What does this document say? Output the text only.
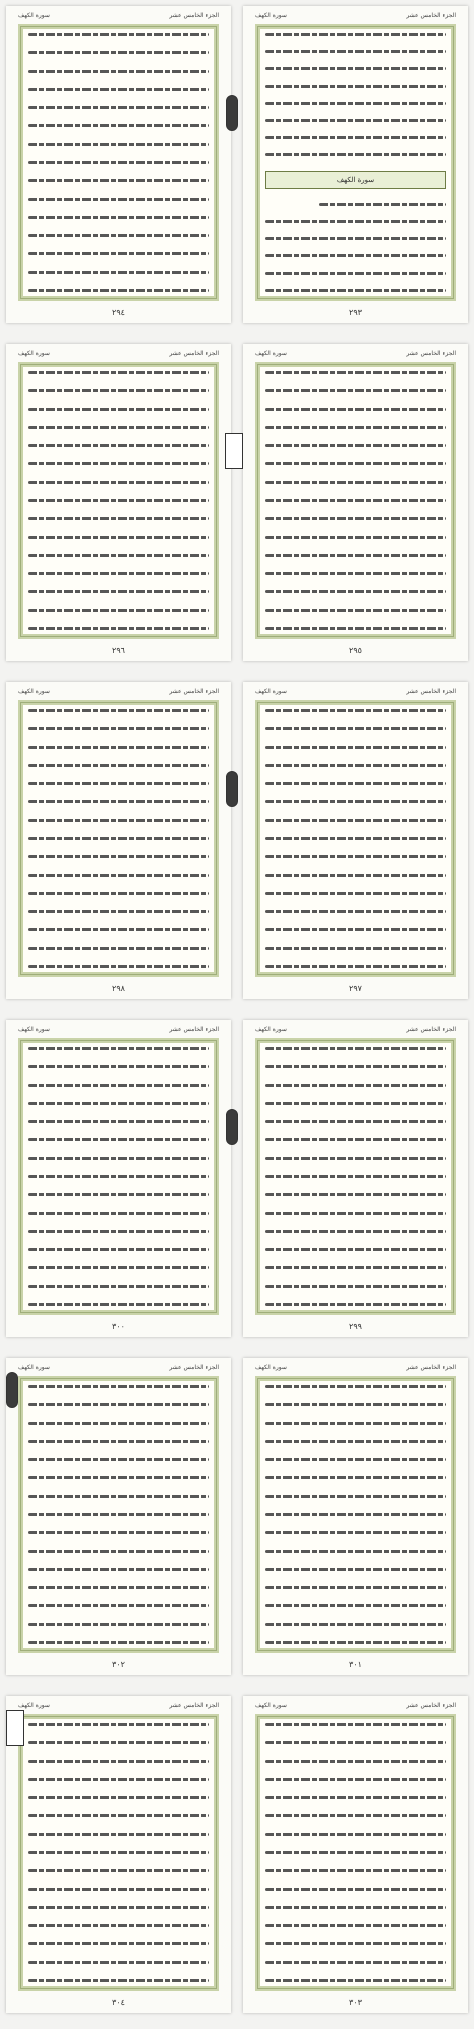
الجزء الخامس عشر
سورة الكهف
٢٩٤
الجزء الخامس عشر
سورة الكهف
سورة الكهف
٢٩٣
الجزء الخامس عشر
سورة الكهف
٢٩٦
الجزء الخامس عشر
سورة الكهف
٢٩٥
الجزء الخامس عشر
سورة الكهف
٢٩٨
الجزء الخامس عشر
سورة الكهف
٢٩٧
الجزء الخامس عشر
سورة الكهف
٣٠٠
الجزء الخامس عشر
سورة الكهف
٢٩٩
الجزء الخامس عشر
سورة الكهف
٣٠٢
الجزء الخامس عشر
سورة الكهف
٣٠١
الجزء الخامس عشر
سورة الكهف
٣٠٤
الجزء الخامس عشر
سورة الكهف
٣٠٣
